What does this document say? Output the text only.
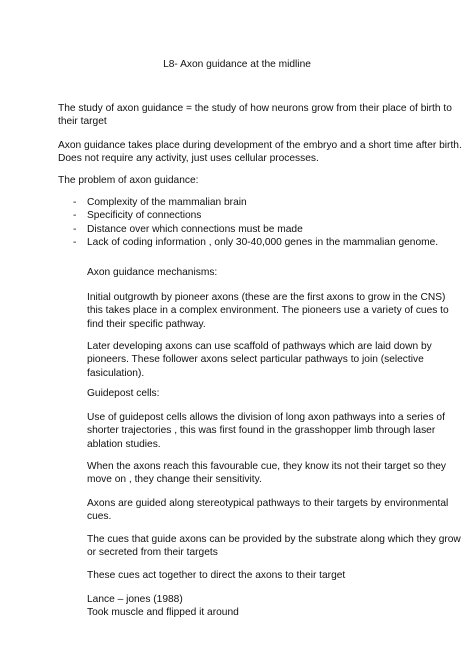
L8- Axon guidance at the midline
The study of axon guidance = the study of how neurons grow from their place of birth to
their target
Axon guidance takes place during development of the embryo and a short time after birth.
Does not require any activity, just uses cellular processes.
The problem of axon guidance:
- Complexity of the mammalian brain
- Specificity of connections
- Distance over which connections must be made
- Lack of coding information , only 30-40,000 genes in the mammalian genome.
Axon guidance mechanisms:
Initial outgrowth by pioneer axons (these are the first axons to grow in the CNS)
this takes place in a complex environment. The pioneers use a variety of cues to
find their specific pathway.
Later developing axons can use scaffold of pathways which are laid down by
pioneers. These follower axons select particular pathways to join (selective
fasiculation).
Guidepost cells:
Use of guidepost cells allows the division of long axon pathways into a series of
shorter trajectories , this was first found in the grasshopper limb through laser
ablation studies.
When the axons reach this favourable cue, they know its not their target so they
move on , they change their sensitivity.
Axons are guided along stereotypical pathways to their targets by environmental
cues.
The cues that guide axons can be provided by the substrate along which they grow
or secreted from their targets
These cues act together to direct the axons to their target
Lance – jones (1988)
Took muscle and flipped it around
